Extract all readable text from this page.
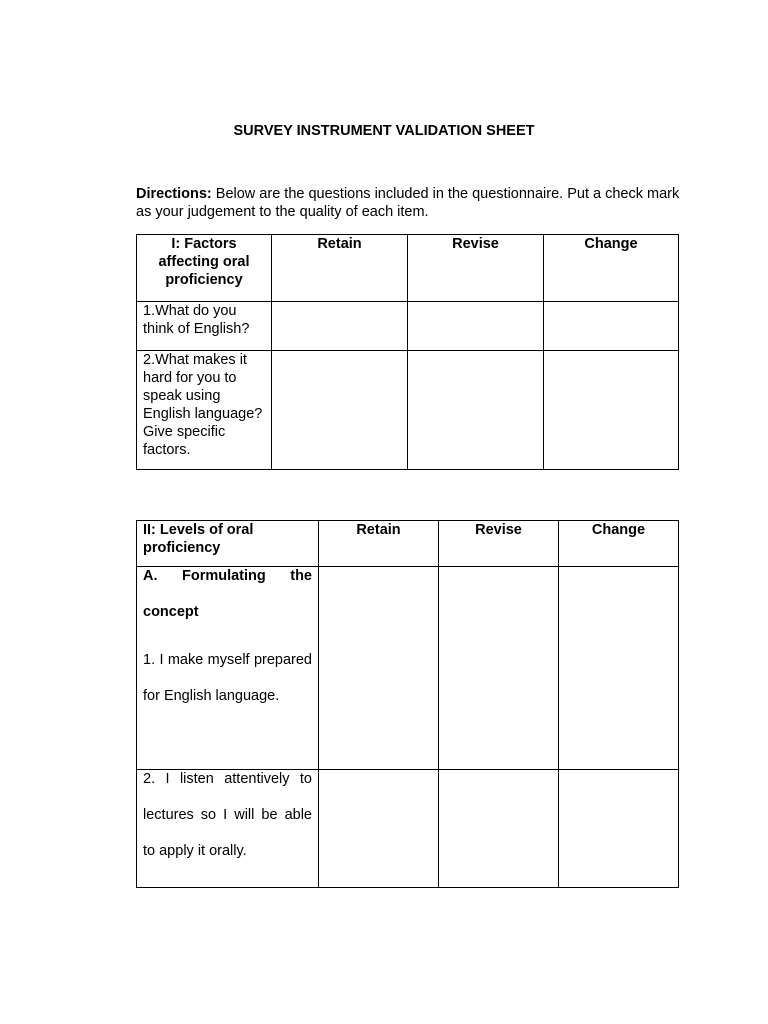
SURVEY INSTRUMENT VALIDATION SHEET
Directions: Below are the questions included in the questionnaire. Put a check mark as your judgement to the quality of each item.
I: Factors affecting oral proficiency	Retain	Revise	Change
1.What do you think of English?			
2.What makes it hard for you to speak using English language? Give specific factors.			
II: Levels of oral proficiency	Retain	Revise	Change

A. Formulating the concept
1. I make myself prepared for English language.			

2. I listen attentively to lectures so I will be able to apply it orally.			
